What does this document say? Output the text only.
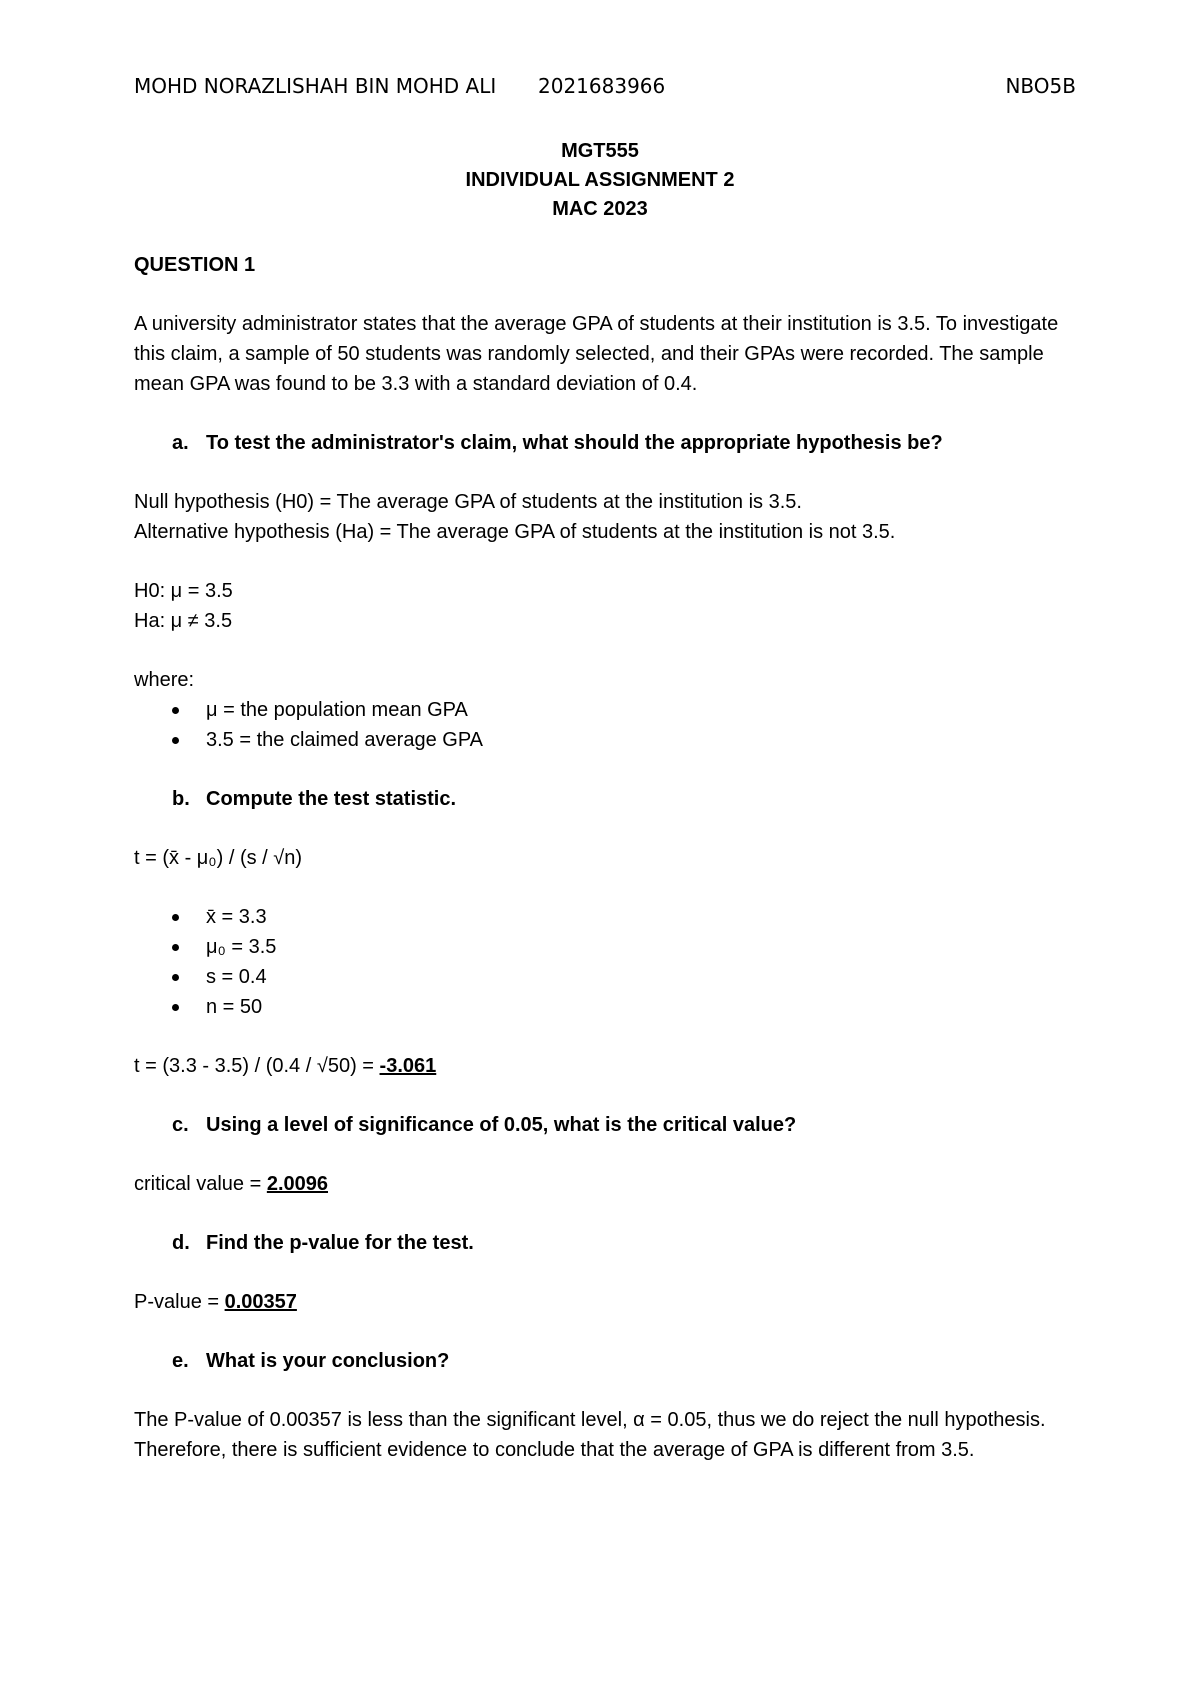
MOHD NORAZLISHAH BIN MOHD ALI 2021683966	NBO5B
MGT555
INDIVIDUAL ASSIGNMENT 2
MAC 2023
QUESTION 1
A university administrator states that the average GPA of students at their institution is 3.5. To investigate this claim, a sample of 50 students was randomly selected, and their GPAs were recorded. The sample mean GPA was found to be 3.3 with a standard deviation of 0.4.
a. To test the administrator's claim, what should the appropriate hypothesis be?
Null hypothesis (H0) = The average GPA of students at the institution is 3.5.
Alternative hypothesis (Ha) = The average GPA of students at the institution is not 3.5.
H0: μ = 3.5
Ha: μ ≠ 3.5
where:
μ = the population mean GPA
3.5 = the claimed average GPA
b. Compute the test statistic.
t = (x̄ - μ₀) / (s / √n)
x̄ = 3.3
μ₀ = 3.5
s = 0.4
n = 50
t = (3.3 - 3.5) / (0.4 / √50) = -3.061
c. Using a level of significance of 0.05, what is the critical value?
critical value = 2.0096
d. Find the p-value for the test.
P-value = 0.00357
e. What is your conclusion?
The P-value of 0.00357 is less than the significant level, α = 0.05, thus we do reject the null hypothesis. Therefore, there is sufficient evidence to conclude that the average of GPA is different from 3.5.
